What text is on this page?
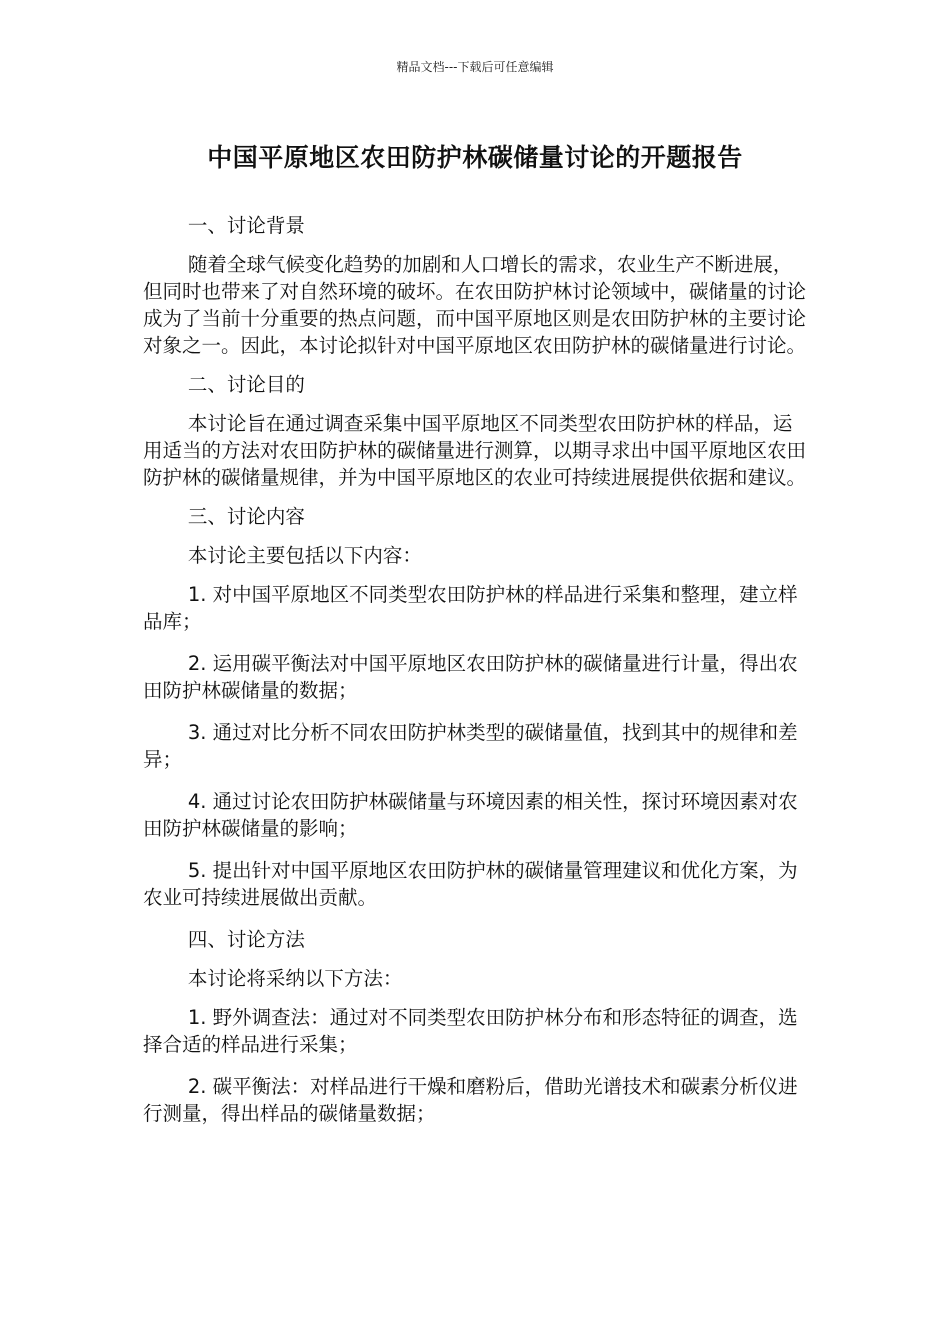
精品文档---下载后可任意编辑
中国平原地区农田防护林碳储量讨论的开题报告

一、讨论背景

随着全球气候变化趋势的加剧和人口增长的需求，农业生产不断进展，但同时也带来了对自然环境的破坏。在农田防护林讨论领域中，碳储量的讨论成为了当前十分重要的热点问题，而中国平原地区则是农田防护林的主要讨论对象之一。因此，本讨论拟针对中国平原地区农田防护林的碳储量进行讨论。

二、讨论目的

本讨论旨在通过调查采集中国平原地区不同类型农田防护林的样品，运用适当的方法对农田防护林的碳储量进行测算，以期寻求出中国平原地区农田防护林的碳储量规律，并为中国平原地区的农业可持续进展提供依据和建议。

三、讨论内容

本讨论主要包括以下内容：

1. 对中国平原地区不同类型农田防护林的样品进行采集和整理，建立样品库；

2. 运用碳平衡法对中国平原地区农田防护林的碳储量进行计量，得出农田防护林碳储量的数据；

3. 通过对比分析不同农田防护林类型的碳储量值，找到其中的规律和差异；

4. 通过讨论农田防护林碳储量与环境因素的相关性，探讨环境因素对农田防护林碳储量的影响；

5. 提出针对中国平原地区农田防护林的碳储量管理建议和优化方案，为农业可持续进展做出贡献。

四、讨论方法

本讨论将采纳以下方法：

1. 野外调查法：通过对不同类型农田防护林分布和形态特征的调查，选择合适的样品进行采集；

2. 碳平衡法：对样品进行干燥和磨粉后，借助光谱技术和碳素分析仪进行测量，得出样品的碳储量数据；
